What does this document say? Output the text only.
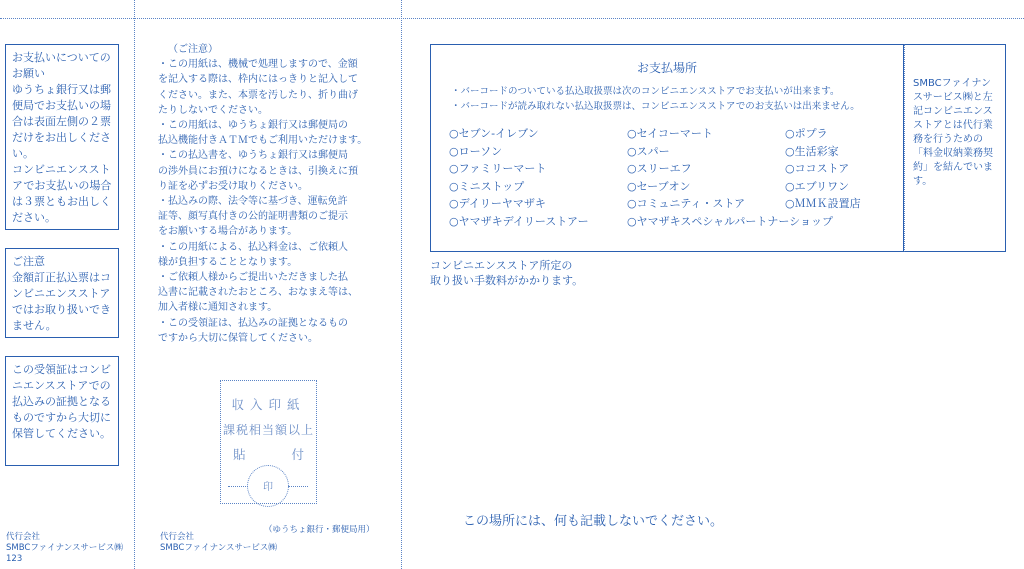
お支払いについてのお願い
ゆうちょ銀行又は郵便局でお支払いの場合は表面左側の２票だけをお出しください。
コンビニエンスストアでお支払いの場合は３票ともお出しください。
ご注意
金額訂正払込票はコンビニエンスストアではお取り扱いできません。
この受領証はコンビニエンスストアでの払込みの証拠となるものですから大切に保管してください。
代行会社
SMBCファイナンスサービス㈱
123
（ご注意）
・この用紙は、機械で処理しますので、金額
を記入する際は、枠内にはっきりと記入して
ください。また、本票を汚したり、折り曲げ
たりしないでください。
・この用紙は、ゆうちょ銀行又は郵便局の
払込機能付きＡＴＭでもご利用いただけます。
・この払込書を、ゆうちょ銀行又は郵便局
の渉外員にお預けになるときは、引換えに預
り証を必ずお受け取りください。
・払込みの際、法令等に基づき、運転免許
証等、顔写真付きの公的証明書類のご提示
をお願いする場合があります。
・この用紙による、払込料金は、ご依頼人
様が負担することとなります。
・ご依頼人様からご提出いただきました払
込書に記載されたおところ、おなまえ等は、
加入者様に通知されます。
・この受領証は、払込みの証拠となるもの
ですから大切に保管してください。
収入印紙
課税相当額以上
貼	付
印
（ゆうちょ銀行・郵便局用）
代行会社
SMBCファイナンスサービス㈱
お支払場所
・バーコードのついている払込取扱票は次のコンビニエンスストアでお支払いが出来ます。
・バーコードが読み取れない払込取扱票は、コンビニエンスストアでのお支払いは出来ません。
○セブン-イレブン
○ローソン
○ファミリーマート
○ミニストップ
○デイリーヤマザキ
○ヤマザキデイリーストアー
○セイコーマート
○スパー
○スリーエフ
○セーブオン
○コミュニティ・ストア
○ヤマザキスペシャルパートナーショップ
○ポプラ
○生活彩家
○ココストア
○エブリワン
○ＭＭＫ設置店
SMBCファイナンスサービス㈱と左記コンビニエンスストアとは代行業務を行うための「料金収納業務契約」を結んでいます。
コンビニエンスストア所定の
取り扱い手数料がかかります。
この場所には、何も記載しないでください。
